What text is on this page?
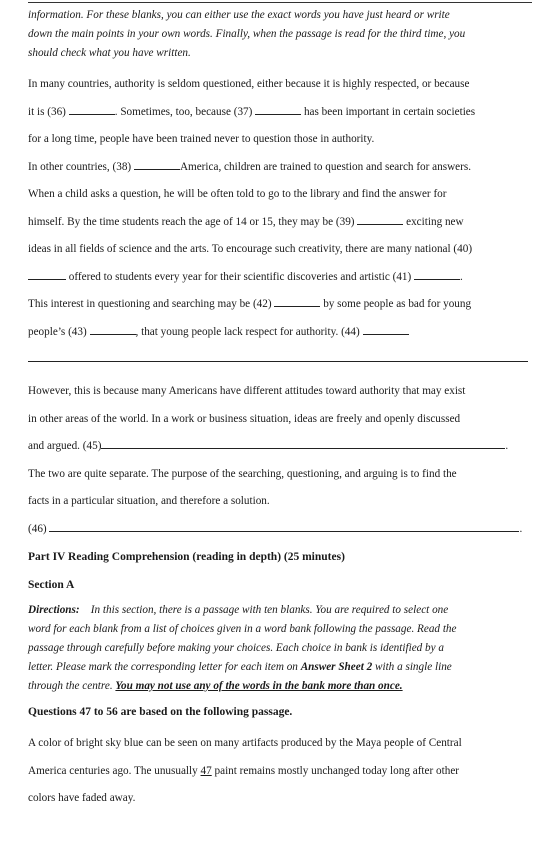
information. For these blanks, you can either use the exact words you have just heard or write

down the main points in your own words. Finally, when the passage is read for the third time, you

should check what you have written.

In many countries, authority is seldom questioned, either because it is highly respected, or because

it is (36)	. Sometimes, too, because (37)	has been important in certain societies

for a long time, people have been trained never to question those in authority.

In other countries, (38)	America, children are trained to question and search for answers.

When a child asks a question, he will be often told to go to the library and find the answer for

himself. By the time students reach the age of 14 or 15, they may be (39)	exciting new

ideas in all fields of science and the arts. To encourage such creativity, there are many national (40)

offered to students every year for their scientific discoveries and artistic (41)	.

This interest in questioning and searching may be (42)	by some people as bad for young

people’s (43)	, that young people lack respect for authority. (44)

However, this is because many Americans have different attitudes toward authority that may exist

in other areas of the world. In a work or business situation, ideas are freely and openly discussed

and argued. (45)	.

The two are quite separate. The purpose of the searching, questioning, and arguing is to find the

facts in a particular situation, and therefore a solution.

(46)	.

Part IV Reading Comprehension (reading in depth) (25 minutes)

Section A

Directions: In this section, there is a passage with ten blanks. You are required to select one

word for each blank from a list of choices given in a word bank following the passage. Read the

passage through carefully before making your choices. Each choice in bank is identified by a

letter. Please mark the corresponding letter for each item on Answer Sheet 2 with a single line

through the centre. You may not use any of the words in the bank more than once.

Questions 47 to 56 are based on the following passage.

A color of bright sky blue can be seen on many artifacts produced by the Maya people of Central

America centuries ago. The unusually 47 paint remains mostly unchanged today long after other

colors have faded away.
